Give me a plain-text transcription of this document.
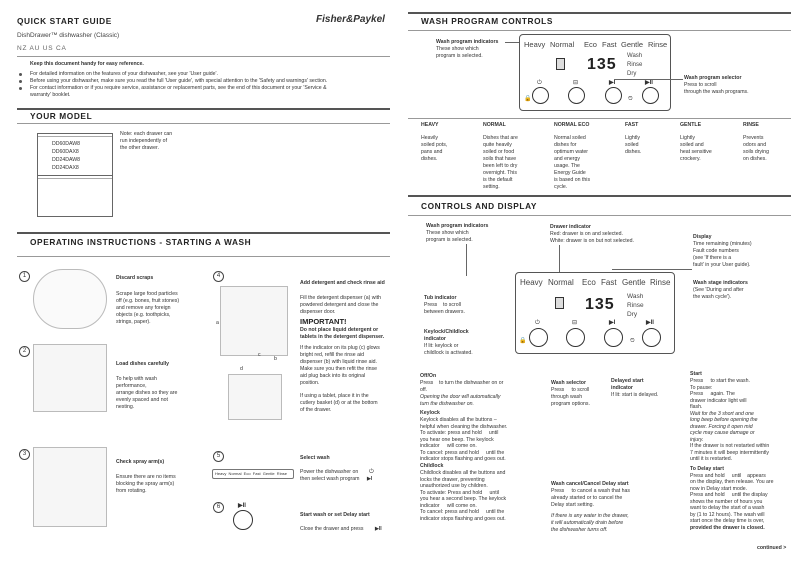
QUICK START GUIDE	Fisher&Paykel
DishDrawer™ dishwasher (Classic)
NZ AU US CA
Keep this document handy for easy reference.
For detailed information on the features of your dishwasher, see your 'User guide'.
Before using your dishwasher, make sure you read the full 'User guide', with special attention to the 'Safety and warnings' section.
For contact information or if you require service, assistance or replacement parts, see the end of this document or your 'Service &
warranty' booklet.
YOUR MODEL
DD60DAW8
DD60DAX8
DD24DAW8
DD24DAX8
Note: each drawer can
run independently of
the other drawer.
OPERATING INSTRUCTIONS - STARTING A WASH
1	Discard scraps
Scrape large food particles
off (e.g. bones, fruit stones)
and remove any foreign
objects (e.g. toothpicks,
strings, paper).
2
Load dishes carefully
To help with wash
performance,
arrange dishes so they are
evenly spaced and not
nesting.
3
Check spray arm(s)
Ensure there are no items
blocking the spray arm(s)
from rotating.
4
a
b
c
d
Add detergent and check rinse aid
Fill the detergent dispenser (a) with
powdered detergent and close the
dispenser door.
IMPORTANT!
Do not place liquid detergent or
tablets in the detergent dispenser.
If the indicator on its plug (c) glows
bright red, refill the rinse aid
dispenser (b) with liquid rinse aid.
Make sure you then refit the rinse
aid plug back into its original
position.
If using a tablet, place it in the
cutlery basket (d) or at the bottom
of the drawer.
5
Heavy  Normal  Eco  Fast  Gentle  Rinse
Select wash
Power the dishwasher on ⏻
then select wash program ▶I
6	▶II
Start wash or set Delay start
Close the drawer and press ▶II
WASH PROGRAM CONTROLS
Wash program indicators
These show which
program is selected.
Heavy Normal Eco Fast Gentle Rinse
135 Wash
Rinse
Dry
🔒
⏻	⊟	▶I
⏲
▶II
Wash program selector
Press to scroll
through the wash programs.
HEAVY
Heavily
soiled pots,
pans and
dishes.
NORMAL
Dishes that are
quite heavily
soiled or food
soils that have
been left to dry
overnight. This
is the default
setting.
NORMAL ECO
Normal soiled
dishes for
optimum water
and energy
usage. The
Energy Guide
is based on this
cycle.
FAST
Lightly
soiled
dishes.
GENTLE
Lightly
soiled and
heat sensitive
crockery.
RINSE
Prevents
odors and
soils drying
on dishes.
CONTROLS AND DISPLAY
Wash program indicators
These show which
program is selected.
Drawer indicator
Red: drawer is on and selected.
White: drawer is on but not selected.
Display
Time remaining (minutes)
Fault code numbers
(see 'If there is a
fault' in your User guide).
Heavy Normal Eco Fast Gentle Rinse
135 Wash
Rinse
Dry
🔒
⏻	⊟	▶I
⏲
▶II
Wash stage indicators
(See 'During and after
the wash cycle').
Tub indicator
Press    to scroll
between drawers.
Keylock/Childlock
indicator
If lit: keylock or
childlock is activated.
Off/On
Press    to turn the dishwasher on or
off.
Opening the door will automatically
turn the dishwasher on.
Keylock
Keylock disables all the buttons –
helpful when cleaning the dishwasher.
To activate: press and hold     until
you hear one beep. The keylock
indicator     will come on.
To cancel: press and hold     until the
indicator stops flashing and goes out.
Childlock
Childlock disables all the buttons and
locks the drawer, preventing
unauthorized use by children.
To activate: Press and hold     until
you hear a second beep. The keylock
indicator     will come on.
To cancel: press and hold     until the
indicator stops flashing and goes out.
Wash selector
Press     to scroll
through wash
program options.
Delayed start
indicator
If lit: start is delayed.
Wash cancel/Cancel Delay start
Press     to cancel a wash that has
already started or to cancel the
Delay start setting.
If there is any water in the drawer,
it will automatically drain before
the dishwasher turns off.
Start
Press     to start the wash.
To pause:
Press     again. The
drawer indicator light will
flash.
Wait for the 3 short and one
long beep before opening the
drawer. Forcing it open mid
cycle may cause damage or
injury.
If the drawer is not restarted within
7 minutes it will beep intermittently
until it is restarted.
To Delay start
Press and hold     until    appears
on the display, then release. You are
now in Delay start mode.
Press and hold     until the display
shows the number of hours you
want to delay the start of a wash
by (1 to 12 hours). The wash will
start once the delay time is over,
provided the drawer is closed.
continued >
